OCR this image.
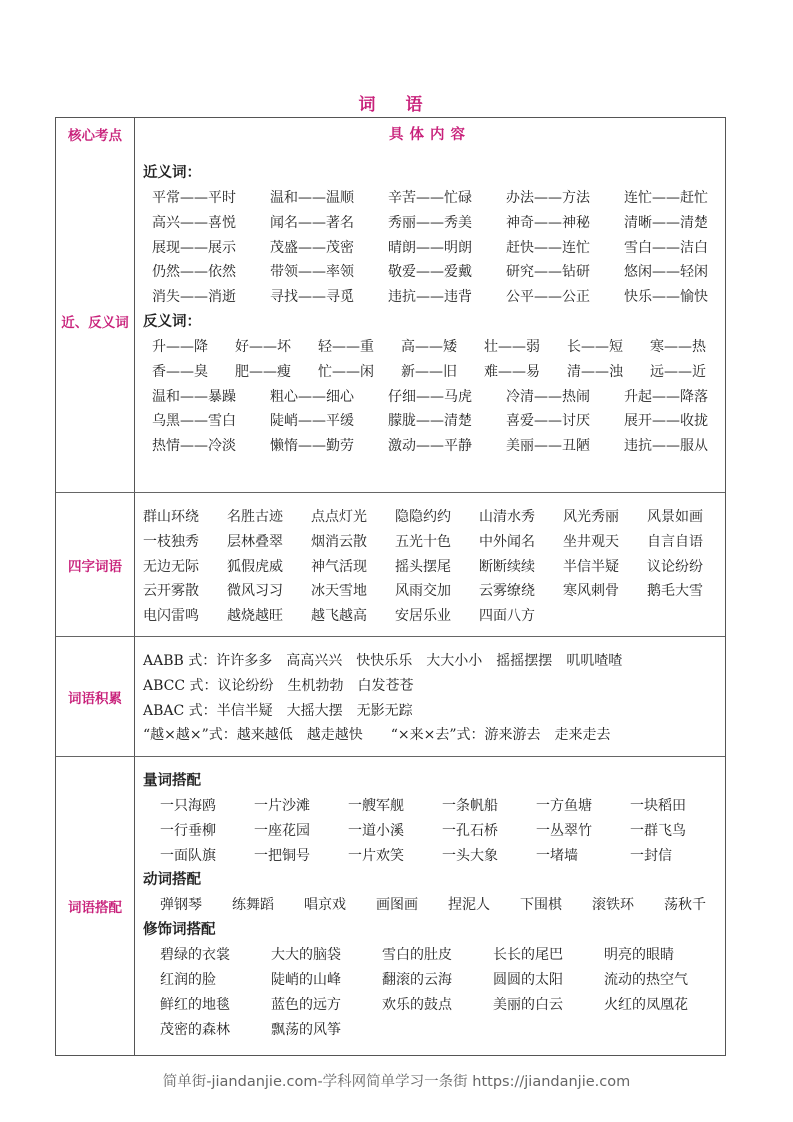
词 语
核心考点	具体内容
近、反义词
近义词：
平常——平时	温和——温顺	辛苦——忙碌	办法——方法	连忙——赶忙
高兴——喜悦	闻名——著名	秀丽——秀美	神奇——神秘	清晰——清楚
展现——展示	茂盛——茂密	晴朗——明朗	赶快——连忙	雪白——洁白
仍然——依然	带领——率领	敬爱——爱戴	研究——钻研	悠闲——轻闲
消失——消逝	寻找——寻觅	违抗——违背	公平——公正	快乐——愉快
反义词：
升——降	好——坏	轻——重	高——矮	壮——弱	长——短	寒——热
香——臭	肥——瘦	忙——闲	新——旧	难——易	清——浊	远——近
温和——暴躁	粗心——细心	仔细——马虎	冷清——热闹	升起——降落
乌黑——雪白	陡峭——平缓	朦胧——清楚	喜爱——讨厌	展开——收拢
热情——冷淡	懒惰——勤劳	激动——平静	美丽——丑陋	违抗——服从
四字词语
群山环绕	名胜古迹	点点灯光	隐隐约约	山清水秀	风光秀丽	风景如画
一枝独秀	层林叠翠	烟消云散	五光十色	中外闻名	坐井观天	自言自语
无边无际	狐假虎威	神气活现	摇头摆尾	断断续续	半信半疑	议论纷纷
云开雾散	微风习习	冰天雪地	风雨交加	云雾缭绕	寒风刺骨	鹅毛大雪
电闪雷鸣	越烧越旺	越飞越高	安居乐业	四面八方
词语积累
AABB 式：许许多多　高高兴兴　快快乐乐　大大小小　摇摇摆摆　叽叽喳喳
ABCC 式：议论纷纷　生机勃勃　白发苍苍
ABAC 式：半信半疑　大摇大摆　无影无踪
“越×越×”式：越来越低　越走越快　　“×来×去”式：游来游去　走来走去
词语搭配
量词搭配
一只海鸥	一片沙滩	一艘军舰	一条帆船	一方鱼塘	一块稻田
一行垂柳	一座花园	一道小溪	一孔石桥	一丛翠竹	一群飞鸟
一面队旗	一把铜号	一片欢笑	一头大象	一堵墙	一封信
动词搭配
弹钢琴	练舞蹈	唱京戏	画图画	捏泥人	下围棋	滚铁环	荡秋千
修饰词搭配
碧绿的衣裳	大大的脑袋	雪白的肚皮	长长的尾巴	明亮的眼睛
红润的脸	陡峭的山峰	翻滚的云海	圆圆的太阳	流动的热空气
鲜红的地毯	蓝色的远方	欢乐的鼓点	美丽的白云	火红的凤凰花
茂密的森林	飘荡的风筝
简单街-jiandanjie.com-学科网简单学习一条街 https://jiandanjie.com
